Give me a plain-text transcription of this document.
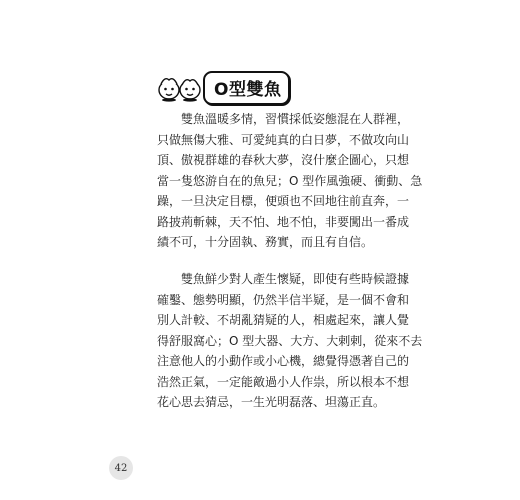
O型雙魚
雙魚溫暖多情，習慣採低姿態混在人群裡，
只做無傷大雅、可愛純真的白日夢，不做攻向山
頂、傲視群雄的春秋大夢，沒什麼企圖心，只想
當一隻悠游自在的魚兒；O 型作風強硬、衝動、急
躁，一旦決定目標，便頭也不回地往前直奔，一
路披荊斬棘，天不怕、地不怕，非要闖出一番成
績不可，十分固執、務實，而且有自信。
雙魚鮮少對人產生懷疑，即使有些時候證據
確鑿、態勢明顯，仍然半信半疑，是一個不會和
別人計較、不胡亂猜疑的人，相處起來，讓人覺
得舒服窩心；O 型大器、大方、大剌剌，從來不去
注意他人的小動作或小心機，總覺得憑著自己的
浩然正氣，一定能敵過小人作祟，所以根本不想
花心思去猜忌，一生光明磊落、坦蕩正直。
42
